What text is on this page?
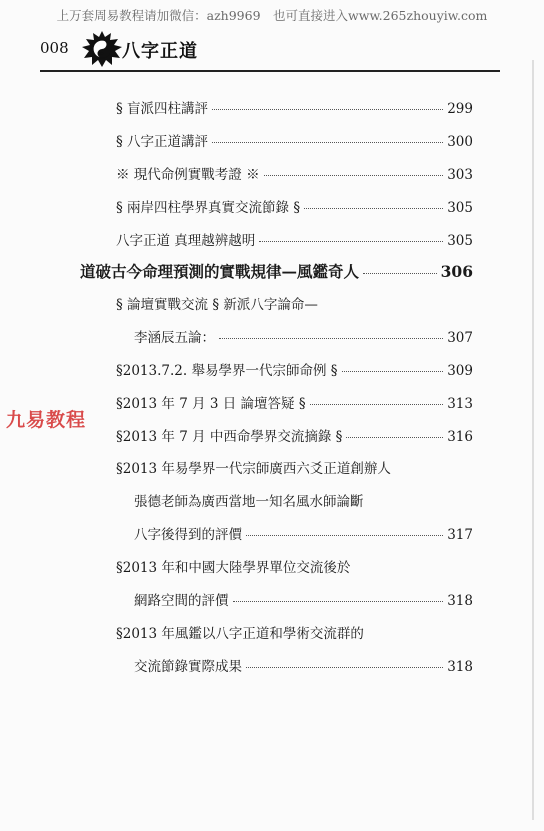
上万套周易教程请加微信：azh9969　也可直接进入www.265zhouyiw.com
008	八字正道
§ 盲派四柱講評	299
§ 八字正道講評	300
※ 現代命例實戰考證 ※	303
§ 兩岸四柱學界真實交流節錄 §	305
八字正道 真理越辨越明	305
道破古今命理預測的實戰規律—風鑑奇人	306
§ 論壇實戰交流 § 新派八字論命—
李涵辰五論：	307
§2013.7.2. 舉易學界一代宗師命例 §	309
§2013 年 7 月 3 日 論壇答疑 §	313
§2013 年 7 月 中西命學界交流摘錄 §	316
§2013 年易學界一代宗師廣西六爻正道創辦人
張德老師為廣西當地一知名風水師論斷
八字後得到的評價	317
§2013 年和中國大陸學界單位交流後於
網路空間的評價	318
§2013 年風鑑以八字正道和學術交流群的
交流節錄實際成果	318
九易教程
